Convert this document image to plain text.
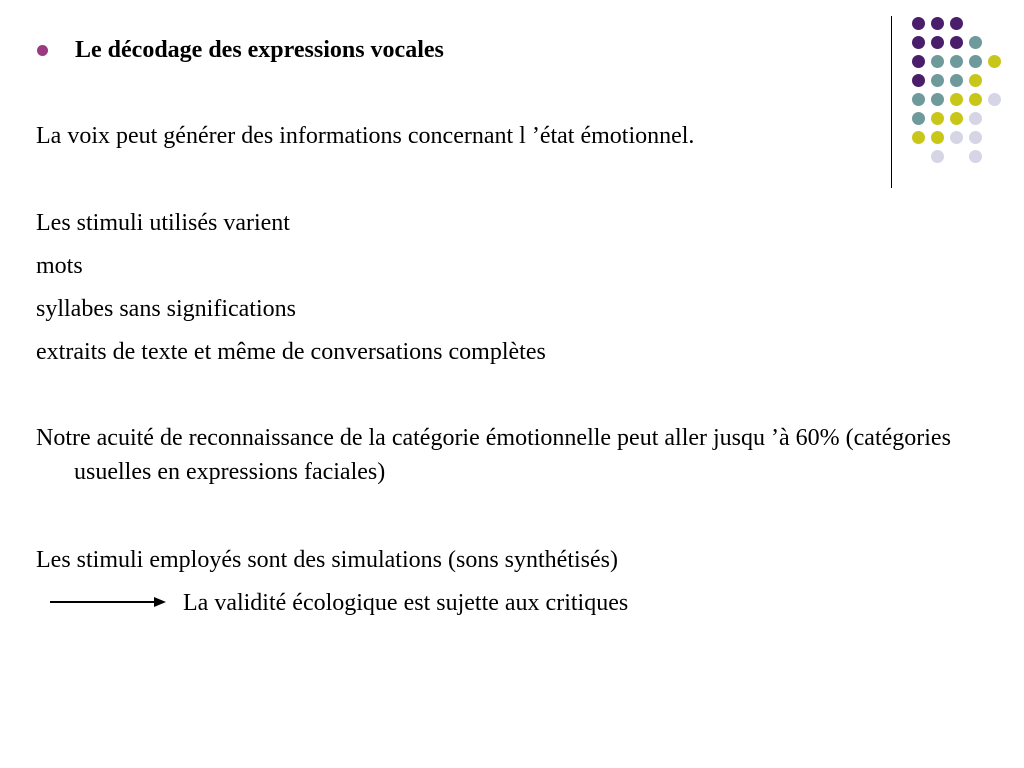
Le décodage des expressions vocales
La voix peut générer des informations concernant l ’état émotionnel.
Les stimuli utilisés varient
mots
syllabes sans significations
extraits de texte et même de conversations complètes
Notre acuité de reconnaissance de la catégorie émotionnelle peut aller jusqu ’à 60% (catégories usuelles en expressions faciales)
Les stimuli employés sont des simulations (sons synthétisés)
La validité écologique est sujette aux critiques
